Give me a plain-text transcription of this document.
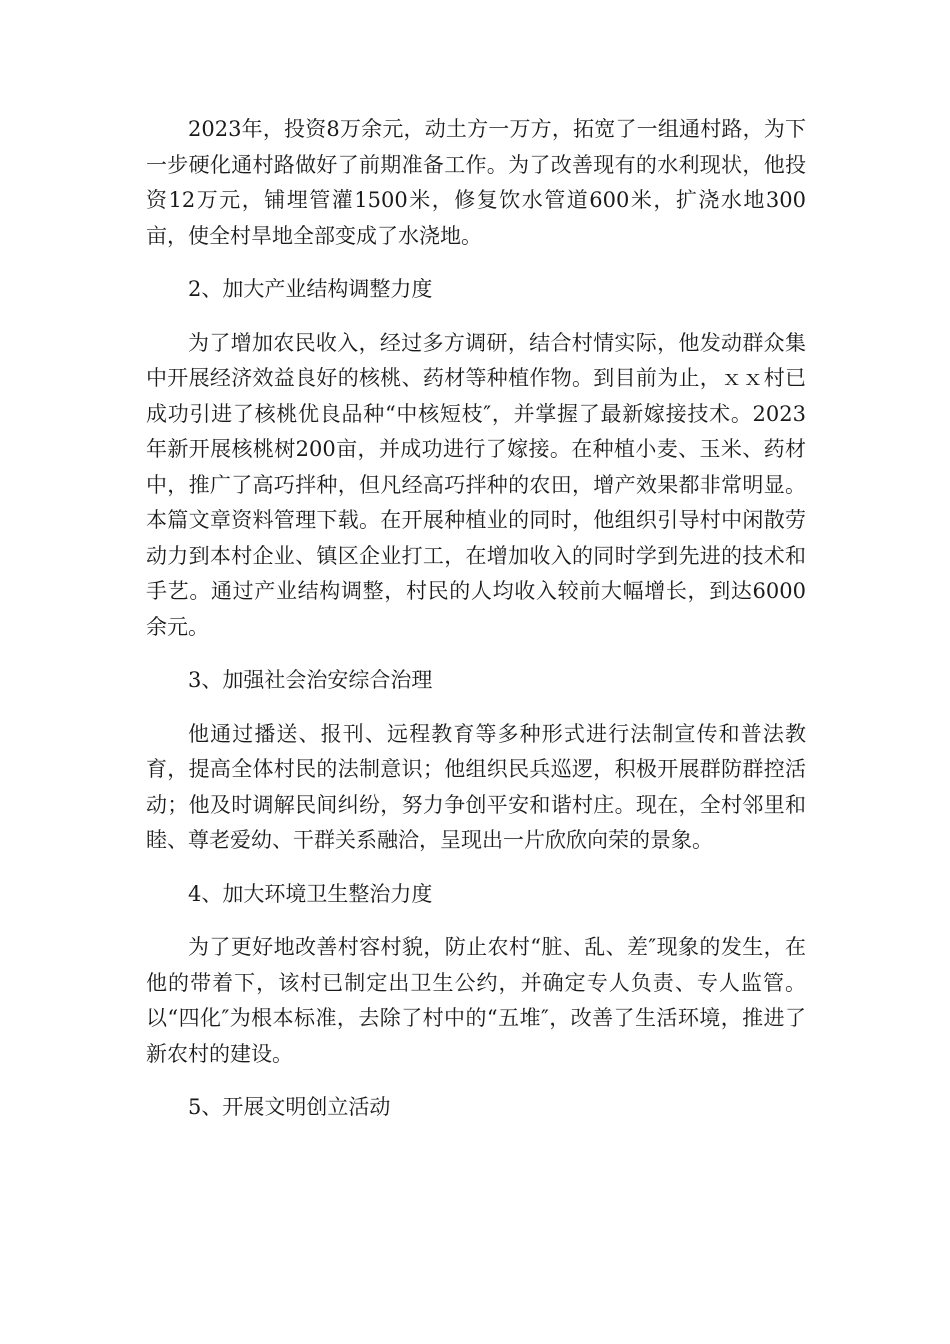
2023年，投资8万余元，动土方一万方，拓宽了一组通村路，为下一步硬化通村路做好了前期准备工作。为了改善现有的水利现状，他投资12万元，铺埋管灌1500米，修复饮水管道600米，扩浇水地300亩，使全村旱地全部变成了水浇地。

2、加大产业结构调整力度

为了增加农民收入，经过多方调研，结合村情实际，他发动群众集中开展经济效益良好的核桃、药材等种植作物。到目前为止，ｘｘ村已成功引进了核桃优良品种“中核短枝″，并掌握了最新嫁接技术。2023年新开展核桃树200亩，并成功进行了嫁接。在种植小麦、玉米、药材中，推广了高巧拌种，但凡经高巧拌种的农田，增产效果都非常明显。本篇文章资料管理下载。在开展种植业的同时，他组织引导村中闲散劳动力到本村企业、镇区企业打工，在增加收入的同时学到先进的技术和手艺。通过产业结构调整，村民的人均收入较前大幅增长，到达6000余元。

3、加强社会治安综合治理

他通过播送、报刊、远程教育等多种形式进行法制宣传和普法教育，提高全体村民的法制意识；他组织民兵巡逻，积极开展群防群控活动；他及时调解民间纠纷，努力争创平安和谐村庄。现在，全村邻里和睦、尊老爱幼、干群关系融洽，呈现出一片欣欣向荣的景象。

4、加大环境卫生整治力度

为了更好地改善村容村貌，防止农村“脏、乱、差″现象的发生，在他的带着下，该村已制定出卫生公约，并确定专人负责、专人监管。以“四化″为根本标准，去除了村中的“五堆″，改善了生活环境，推进了新农村的建设。

5、开展文明创立活动
